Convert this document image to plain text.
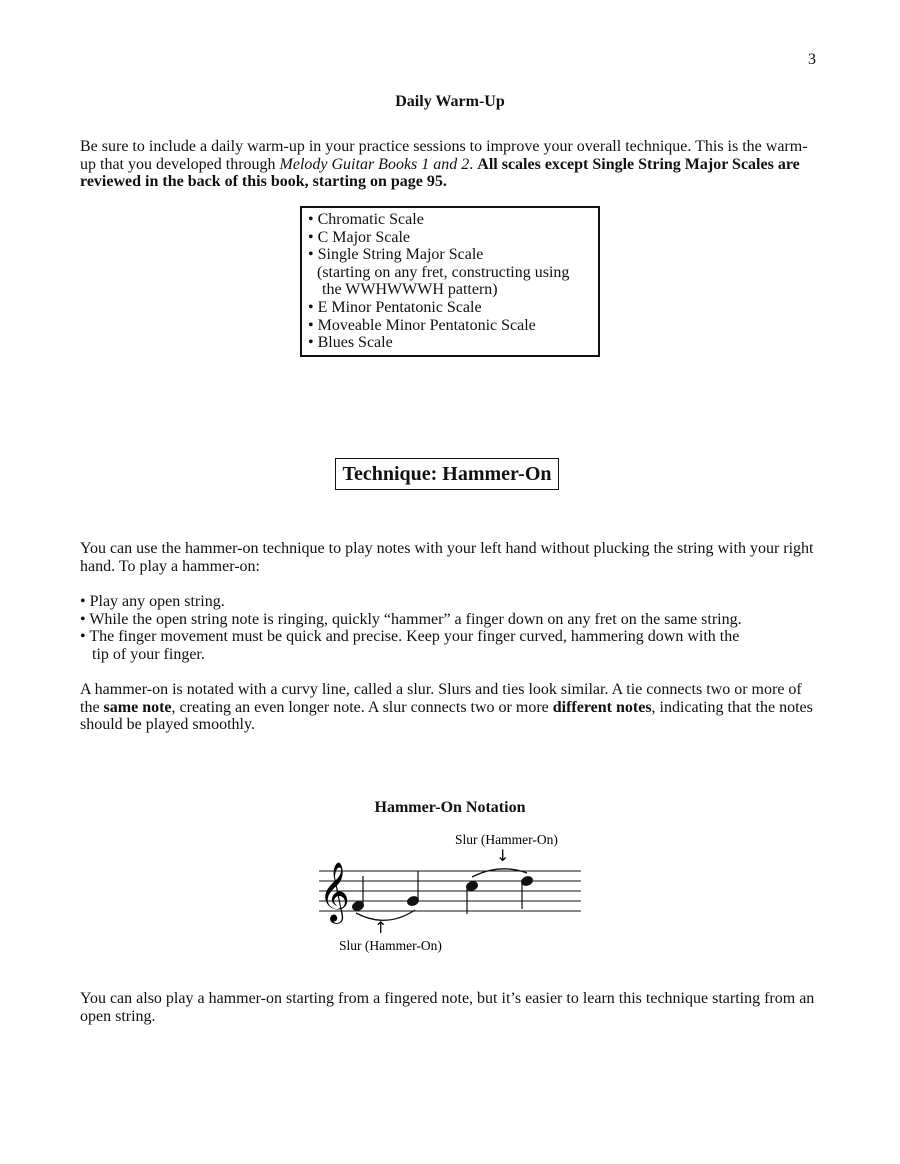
3
Daily Warm-Up
Be sure to include a daily warm-up in your practice sessions to improve your overall technique. This is the warm-up that you developed through Melody Guitar Books 1 and 2. All scales except Single String Major Scales are reviewed in the back of this book, starting on page 95.
• Chromatic Scale
• C Major Scale
• Single String Major Scale
(starting on any fret, constructing using
the WWHWWWH pattern)
• E Minor Pentatonic Scale
• Moveable Minor Pentatonic Scale
• Blues Scale
Technique: Hammer-On
You can use the hammer-on technique to play notes with your left hand without plucking the string with your right hand. To play a hammer-on:
• Play any open string.
• While the open string note is ringing, quickly “hammer” a finger down on any fret on the same string.
• The finger movement must be quick and precise. Keep your finger curved, hammering down with the
tip of your finger.
A hammer-on is notated with a curvy line, called a slur. Slurs and ties look similar. A tie connects two or more of the same note, creating an even longer note. A slur connects two or more different notes, indicating that the notes should be played smoothly.
Hammer-On Notation
𝄞
Slur (Hammer-On)
↓
↑
Slur (Hammer-On)
You can also play a hammer-on starting from a fingered note, but it’s easier to learn this technique starting from an open string.
